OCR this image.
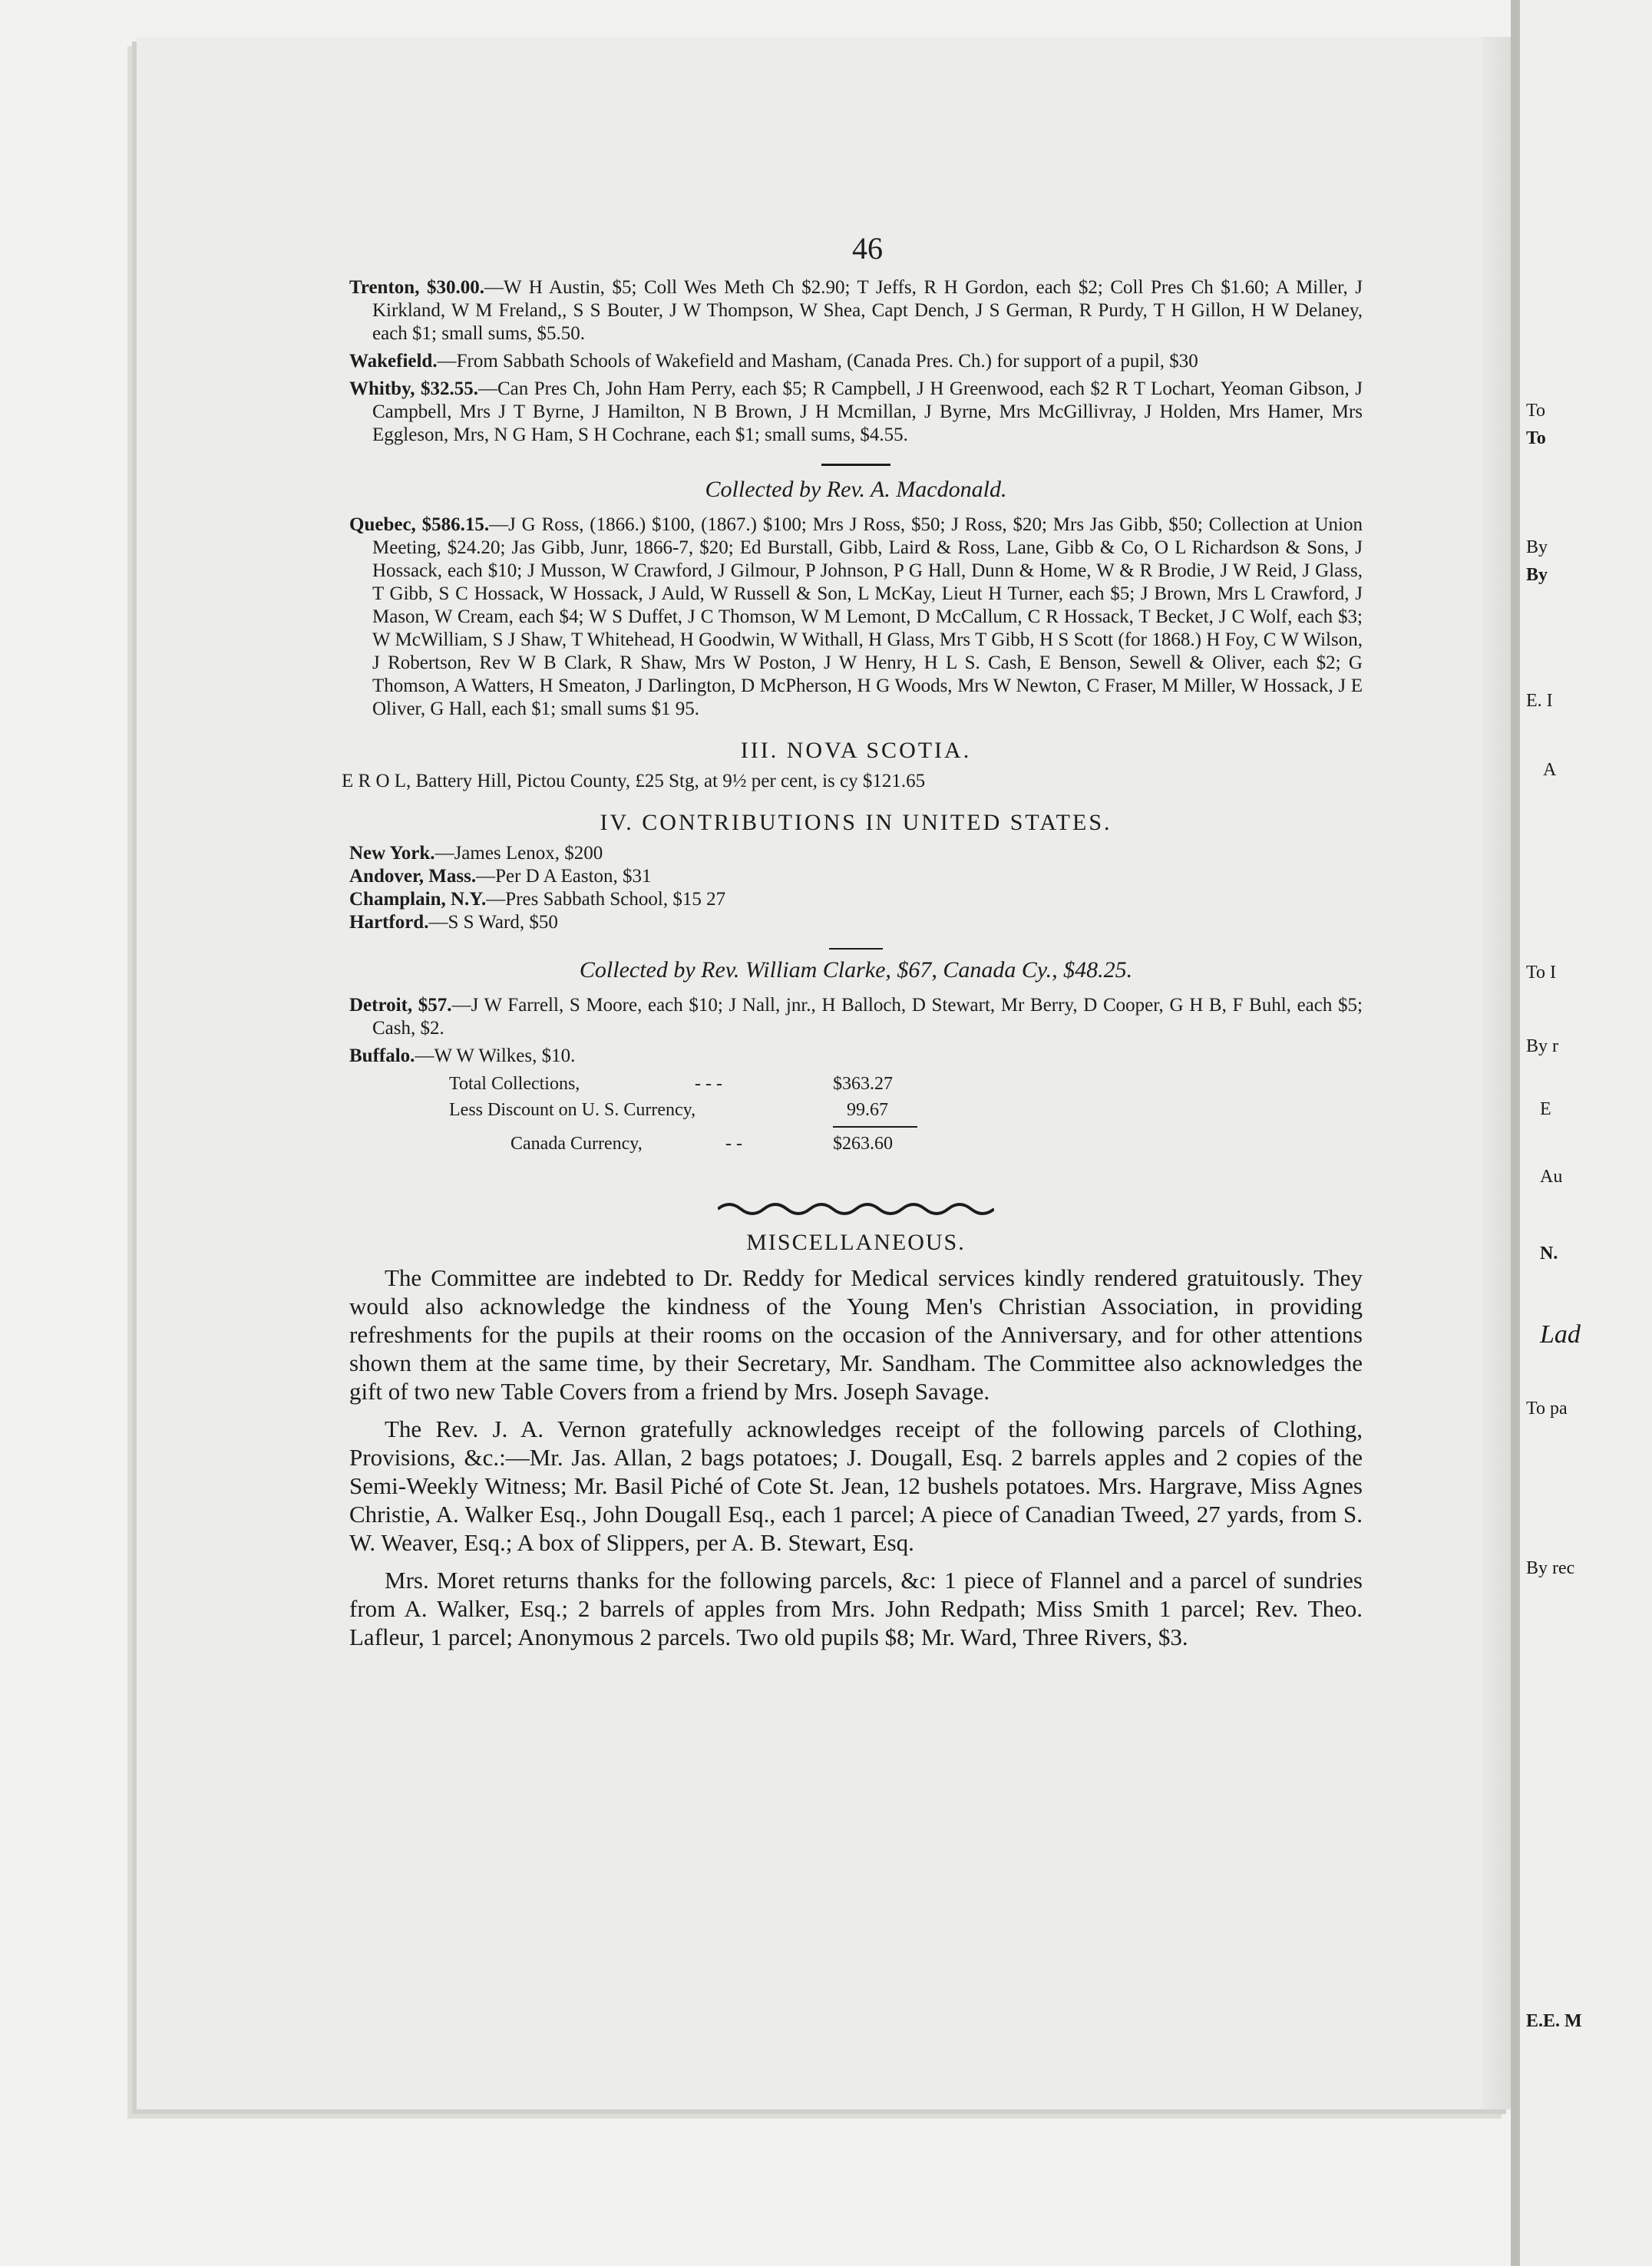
To
To
By
By
E. I
A
To I
By r
E
Au
N.
Lad
To pa
By rec
E.E. M
46
Trenton, $30.00.—W H Austin, $5; Coll Wes Meth Ch $2.90; T Jeffs, R H Gordon, each $2; Coll Pres Ch $1.60; A Miller, J Kirkland, W M Freland,, S S Bouter, J W Thompson, W Shea, Capt Dench, J S German, R Purdy, T H Gillon, H W Delaney, each $1; small sums, $5.50.
Wakefield.—From Sabbath Schools of Wakefield and Masham, (Canada Pres. Ch.) for support of a pupil, $30
Whitby, $32.55.—Can Pres Ch, John Ham Perry, each $5; R Campbell, J H Greenwood, each $2 R T Lochart, Yeoman Gibson, J Campbell, Mrs J T Byrne, J Hamilton, N B Brown, J H Mcmillan, J Byrne, Mrs McGillivray, J Holden, Mrs Hamer, Mrs Eggleson, Mrs, N G Ham, S H Cochrane, each $1; small sums, $4.55.
Collected by Rev. A. Macdonald.
Quebec, $586.15.—J G Ross, (1866.) $100, (1867.) $100; Mrs J Ross, $50; J Ross, $20; Mrs Jas Gibb, $50; Collection at Union Meeting, $24.20; Jas Gibb, Junr, 1866-7, $20; Ed Burstall, Gibb, Laird & Ross, Lane, Gibb & Co, O L Richardson & Sons, J Hossack, each $10; J Musson, W Crawford, J Gilmour, P Johnson, P G Hall, Dunn & Home, W & R Brodie, J W Reid, J Glass, T Gibb, S C Hossack, W Hossack, J Auld, W Russell & Son, L McKay, Lieut H Turner, each $5; J Brown, Mrs L Crawford, J Mason, W Cream, each $4; W S Duffet, J C Thomson, W M Lemont, D McCallum, C R Hossack, T Becket, J C Wolf, each $3; W McWilliam, S J Shaw, T Whitehead, H Goodwin, W Withall, H Glass, Mrs T Gibb, H S Scott (for 1868.) H Foy, C W Wilson, J Robertson, Rev W B Clark, R Shaw, Mrs W Poston, J W Henry, H L S. Cash, E Benson, Sewell & Oliver, each $2; G Thomson, A Watters, H Smeaton, J Darlington, D McPherson, H G Woods, Mrs W Newton, C Fraser, M Miller, W Hossack, J E Oliver, G Hall, each $1; small sums $1 95.
III. NOVA SCOTIA.
E R O L, Battery Hill, Pictou County, £25 Stg, at 9½ per cent, is cy $121.65
IV. CONTRIBUTIONS IN UNITED STATES.
New York.—James Lenox, $200
Andover, Mass.—Per D A Easton, $31
Champlain, N.Y.—Pres Sabbath School, $15 27
Hartford.—S S Ward, $50
Collected by Rev. William Clarke, $67, Canada Cy., $48.25.
Detroit, $57.—J W Farrell, S Moore, each $10; J Nall, jnr., H Balloch, D Stewart, Mr Berry, D Cooper, G H B, F Buhl, each $5; Cash, $2.
Buffalo.—W W Wilkes, $10.
Total Collections,	- - -	$363.27
Less Discount on U. S. Currency,	99.67
Canada Currency,	- -	$263.60
MISCELLANEOUS.

The Committee are indebted to Dr. Reddy for Medical services kindly rendered gratuitously. They would also acknowledge the kindness of the Young Men's Christian Association, in providing refreshments for the pupils at their rooms on the occasion of the Anniversary, and for other attentions shown them at the same time, by their Secretary, Mr. Sandham. The Committee also acknowledges the gift of two new Table Covers from a friend by Mrs. Joseph Savage.

The Rev. J. A. Vernon gratefully acknowledges receipt of the following parcels of Clothing, Provisions, &c.:—Mr. Jas. Allan, 2 bags potatoes; J. Dougall, Esq. 2 barrels apples and 2 copies of the Semi-Weekly Witness; Mr. Basil Piché of Cote St. Jean, 12 bushels potatoes. Mrs. Hargrave, Miss Agnes Christie, A. Walker Esq., John Dougall Esq., each 1 parcel; A piece of Canadian Tweed, 27 yards, from S. W. Weaver, Esq.; A box of Slippers, per A. B. Stewart, Esq.

Mrs. Moret returns thanks for the following parcels, &c: 1 piece of Flannel and a parcel of sundries from A. Walker, Esq.; 2 barrels of apples from Mrs. John Redpath; Miss Smith 1 parcel; Rev. Theo. Lafleur, 1 parcel; Anonymous 2 parcels. Two old pupils $8; Mr. Ward, Three Rivers, $3.
